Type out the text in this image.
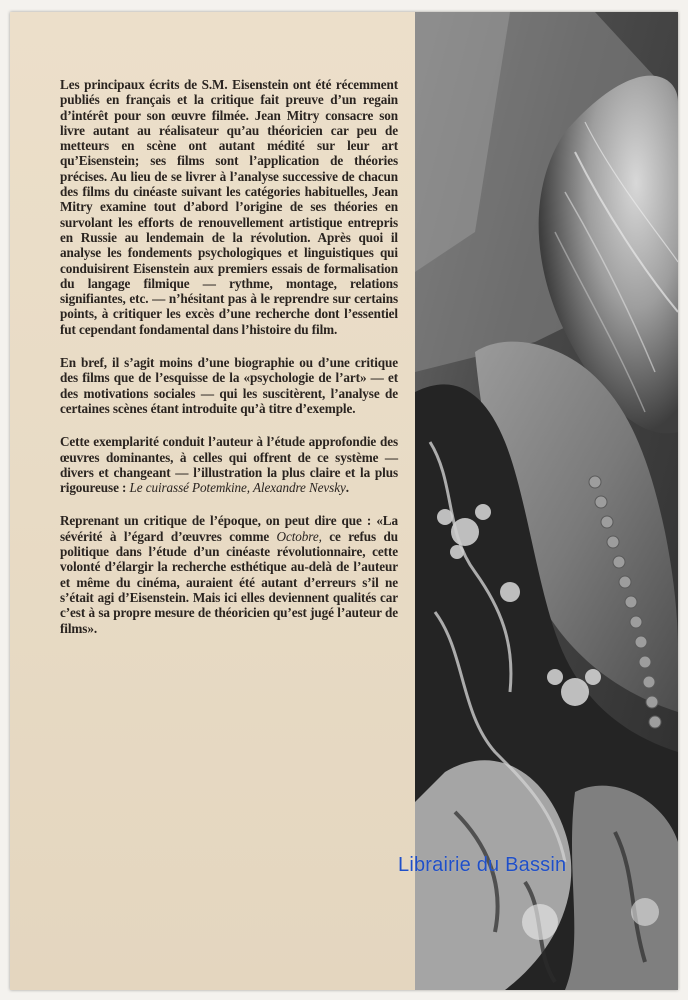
Les principaux écrits de S.M. Eisenstein ont été récemment publiés en français et la critique fait preuve d’un regain d’intérêt pour son œuvre filmée. Jean Mitry consacre son livre autant au réalisateur qu’au théoricien car peu de metteurs en scène ont autant médité sur leur art qu’Eisenstein; ses films sont l’application de théories précises. Au lieu de se livrer à l’analyse successive de chacun des films du cinéaste suivant les catégories habituelles, Jean Mitry examine tout d’abord l’origine de ses théories en survolant les efforts de renouvellement artistique entrepris en Russie au lendemain de la révolution. Après quoi il analyse les fondements psychologiques et linguistiques qui conduisirent Eisenstein aux premiers essais de formalisation du langage filmique — rythme, montage, relations signifiantes, etc. — n’hésitant pas à le reprendre sur certains points, à critiquer les excès d’une recherche dont l’essentiel fut cependant fondamental dans l’histoire du film.

En bref, il s’agit moins d’une biographie ou d’une critique des films que de l’esquisse de la «psychologie de l’art» — et des motivations sociales — qui les suscitèrent, l’analyse de certaines scènes étant introduite qu’à titre d’exemple.

Cette exemplarité conduit l’auteur à l’étude approfondie des œuvres dominantes, à celles qui offrent de ce système — divers et changeant — l’illustration la plus claire et la plus rigoureuse : Le cuirassé Potemkine, Alexandre Nevsky.

Reprenant un critique de l’époque, on peut dire que : «La sévérité à l’égard d’œuvres comme Octobre, ce refus du politique dans l’étude d’un cinéaste révolutionnaire, cette volonté d’élargir la recherche esthétique au-delà de l’auteur et même du cinéma, auraient été autant d’erreurs s’il ne s’était agi d’Eisenstein. Mais ici elles deviennent qualités car c’est à sa propre mesure de théoricien qu’est jugé l’auteur de films».

Librairie du Bassin
